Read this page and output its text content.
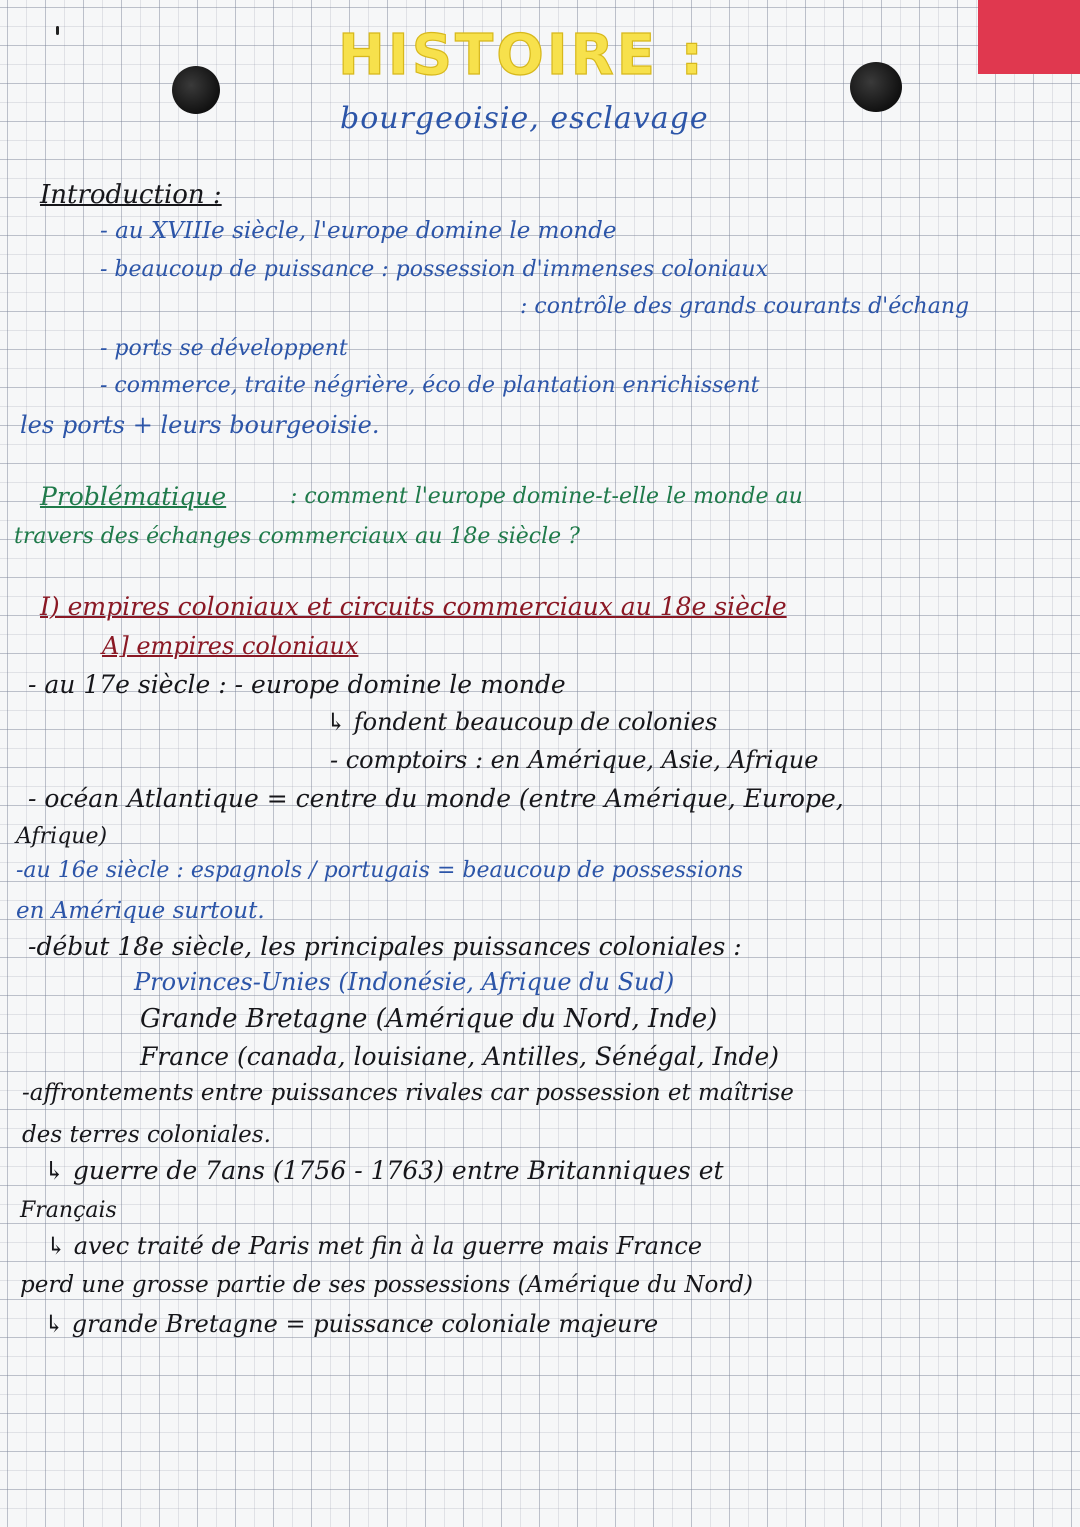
HISTOIRE :
bourgeoisie, esclavage
Introduction :
- au XVIIIe siècle, l'europe domine le monde
- beaucoup de puissance : possession d'immenses coloniaux
: contrôle des grands courants d'échang
- ports se développent
- commerce, traite négrière, éco de plantation enrichissent
les ports + leurs bourgeoisie.
Problématique	: comment l'europe domine-t-elle le monde au
travers des échanges commerciaux au 18e siècle ?
I) empires coloniaux et circuits commerciaux au 18e siècle
A] empires coloniaux
- au 17e siècle : - europe domine le monde
↳ fondent beaucoup de colonies
- comptoirs : en Amérique, Asie, Afrique
- océan Atlantique = centre du monde (entre Amérique, Europe,
Afrique)
-au 16e siècle : espagnols / portugais = beaucoup de possessions
en Amérique surtout.
-début 18e siècle, les principales puissances coloniales :
Provinces-Unies (Indonésie, Afrique du Sud)
Grande Bretagne (Amérique du Nord, Inde)
France (canada, louisiane, Antilles, Sénégal, Inde)
-affrontements entre puissances rivales car possession et maîtrise
des terres coloniales.
↳ guerre de 7ans (1756 - 1763) entre Britanniques et
Français
↳ avec traité de Paris met fin à la guerre mais France
perd une grosse partie de ses possessions (Amérique du Nord)
↳ grande Bretagne = puissance coloniale majeure
